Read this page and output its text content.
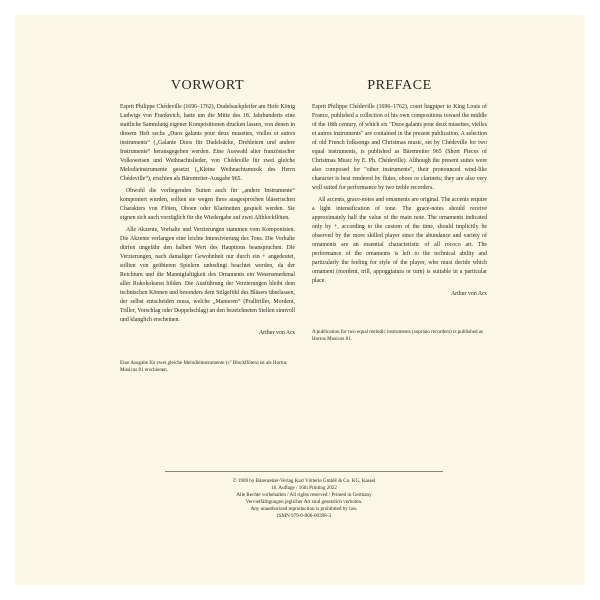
VORWORT

Esprit Philippe Chédeville (1696–1762), Dudelsackpfeifer am Hofe König Ludwigs von Frankreich, hatte um die Mitte des 18. Jahrhunderts eine stattliche Sammlung eigener Kompositionen drucken lassen, von denen in diesem Heft sechs „Duos galants pour deux musettes, vielles et autres instruments“ („Galante Duos für Dudelsäcke, Drehleiern und andere Instrumente“ herausgegeben werden. Eine Auswahl alter französischer Volksweisen und Weihnachtslieder, von Chédeville für zwei gleiche Melodieinstrumente gesetzt („Kleine Weihnachtsmusik des Herrn Chédeville“), erschien als Bärenreiter-Ausgabe 965.

Obwohl die vorliegenden Suiten auch für „andere Instrumente“ komponiert wurden, sollten sie wegen ihres ausgesprochen bläserischen Charakters von Flöten, Oboen oder Klarinetten gespielt werden. Sie eignen sich auch vorzüglich für die Wiedergabe auf zwei Altblockflöten.

Alle Akzente, Vorhalte und Verzierungen stammen vom Komponisten. Die Akzente verlangen eine leichte Intensivierung des Tons. Die Vorhalte dürfen ungefähr den halben Wert des Haupttons beanspruchen. Die Verzierungen, nach damaliger Gewohnheit nur durch ein + angedeutet, sollten von geübteren Spielern unbedingt beachtet werden, da der Reichtum und die Mannigfaltigkeit des Ornaments ein Wesensmerkmal aller Rokokokunst bilden. Die Ausführung der Verzierungen bleibt dem technischen Können und besonders dem Stilgefühl des Bläsers überlassen, der selbst entscheiden muss, welche „Manieren“ (Pralltriller, Mordent, Triller, Vorschlag oder Doppelschlag) an den bezeichneten Stellen sinnvoll und klanglich erscheinen.

Arthur von Arx
Eine Ausgabe für zwei gleiche Melodieinstrumente (c'' Blockflöten) ist als Hortus Musicus 81 erschienen.
PREFACE

Esprit Philippe Chédeville (1696–1762), court bagpiper to King Louis of France, published a collection of his own compositions toward the middle of the 18th century, of which six "Duos galants pour deux musettes, vielles et autres instruments" are contained in the present publication. A selection of old French folksongs and Christmas music, set by Chédeville for two equal instruments, is published as Bärenreiter 965 (Short Pieces of Christmas Music by E. Ph. Chédeville). Although the present suites were also composed for "other instruments", their pronounced wind-like character is best rendered by flutes, oboes or clarinets; they are also very well suited for performance by two treble recorders.

All accents, grace-notes and ornaments are original. The accents require a light intensification of tone. The grace-notes should receive approximately half the value of the main note. The ornaments indicated only by +, according to the custom of the time, should implicitly be observed by the more skilled player since the abundance and variety of ornaments are an essential characteristic of all rococo art. The performance of the ornaments is left to the technical ability and particularly the feeling for style of the player, who must decide which ornament (mordent, trill, appoggiatura or turn) is suitable in a particular place.

Arthur von Arx
A publication for two equal melodic instruments (soprano recorders) is published as Hortus Musicus 81.
© 1969 by Bärenreiter-Verlag Karl Vötterle GmbH & Co. KG, Kassel
16. Auflage / 16th Printing 2022
Alle Rechte vorbehalten / All rights reserved / Printed in Germany
Vervielfältigungen jeglicher Art sind gesetzlich verboten.
Any unauthorized reproduction is prohibited by law.
ISMN 979-0-006-00398-3
